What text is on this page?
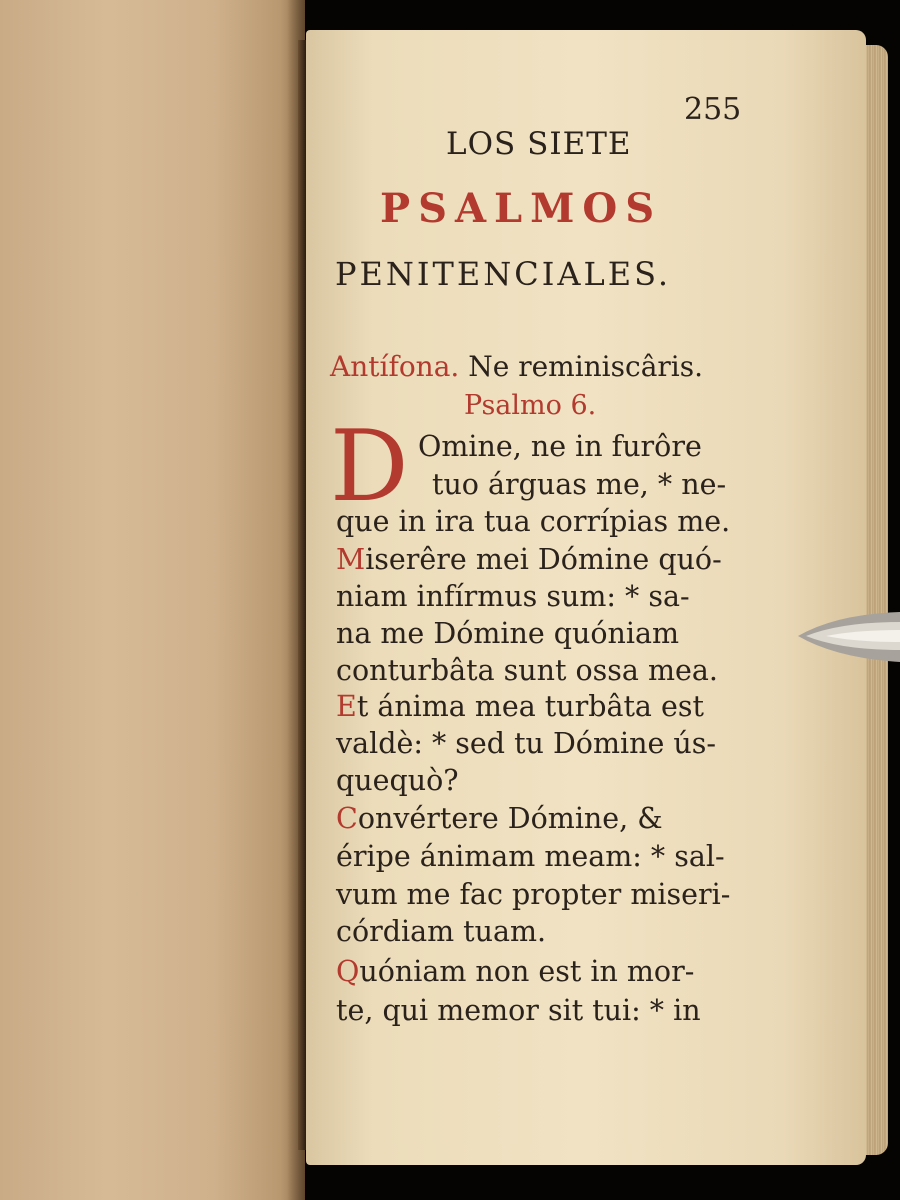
255
LOS SIETE
PSALMOS
PENITENCIALES.
Antífona. Ne reminiscâris.
Psalmo 6.
D Omine, ne in furôre
tuo árguas me, * ne-
que in ira tua corrípias me.
Miserêre mei Dómine quó-
niam infírmus sum: * sa-
na me Dómine quóniam
conturbâta sunt ossa mea.
Et ánima mea turbâta est
valdè: * sed tu Dómine ús-
quequò?
Convértere Dómine, &
éripe ánimam meam: * sal-
vum me fac propter miseri-
córdiam tuam.
Quóniam non est in mor-
te, qui memor sit tui: * in
